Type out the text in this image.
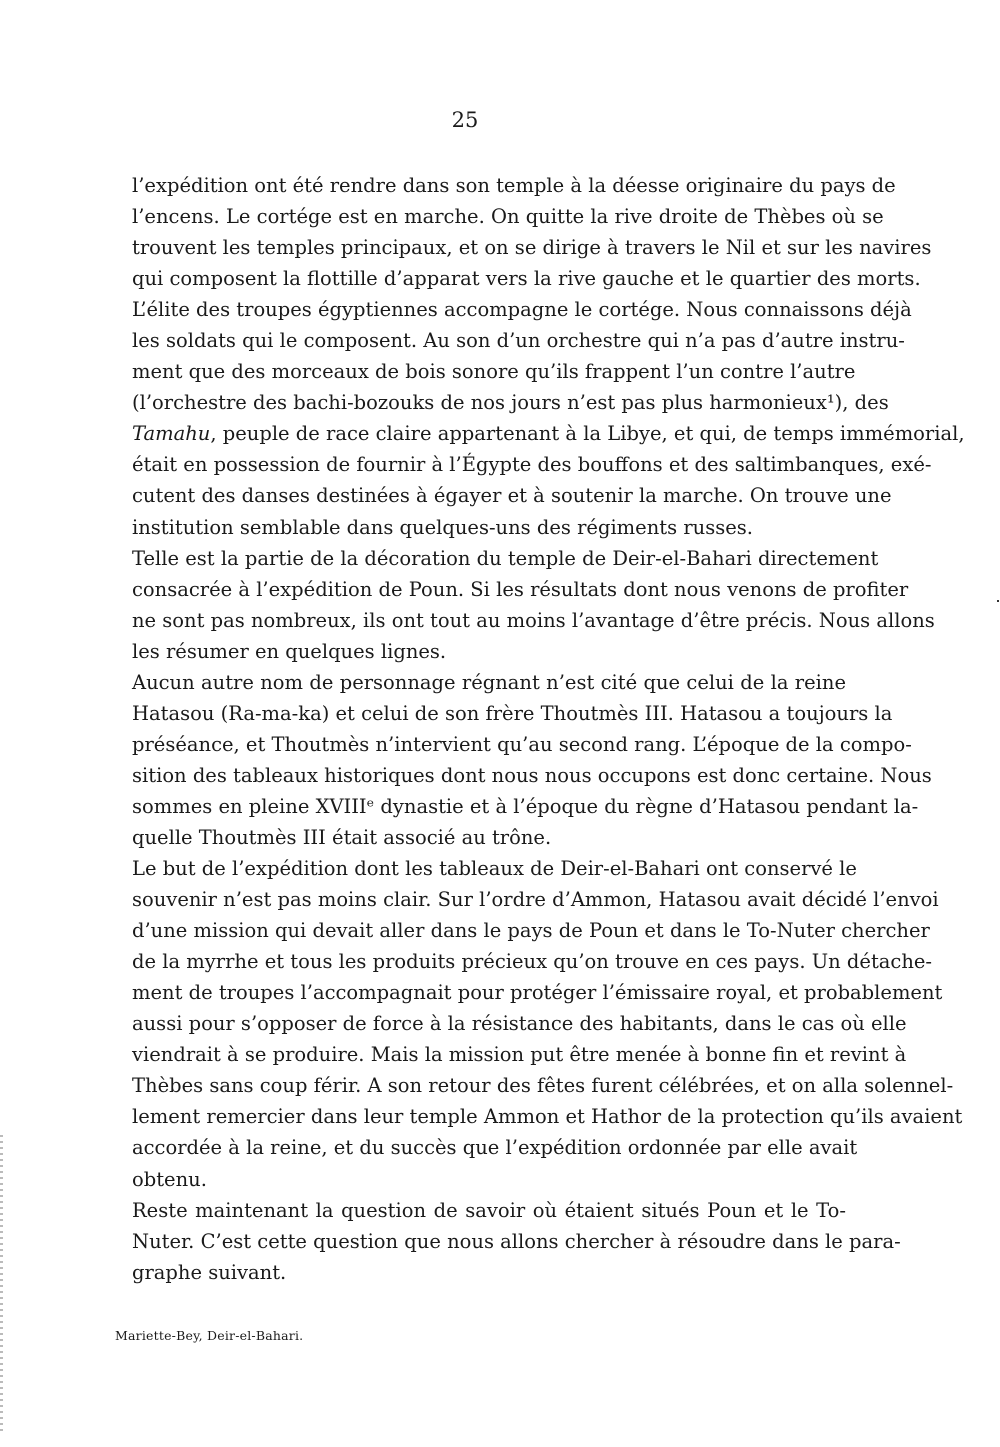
25
l’expédition ont été rendre dans son temple à la déesse originaire du pays de
l’encens. Le cortége est en marche. On quitte la rive droite de Thèbes où se
trouvent les temples principaux, et on se dirige à travers le Nil et sur les navires
qui composent la flottille d’apparat vers la rive gauche et le quartier des morts.
L’élite des troupes égyptiennes accompagne le cortége. Nous connaissons déjà
les soldats qui le composent. Au son d’un orchestre qui n’a pas d’autre instru-
ment que des morceaux de bois sonore qu’ils frappent l’un contre l’autre
(l’orchestre des bachi-bozouks de nos jours n’est pas plus harmonieux¹), des
Tamahu, peuple de race claire appartenant à la Libye, et qui, de temps immémorial,
était en possession de fournir à l’Égypte des bouffons et des saltimbanques, exé-
cutent des danses destinées à égayer et à soutenir la marche. On trouve une
institution semblable dans quelques-uns des régiments russes.
Telle est la partie de la décoration du temple de Deir-el-Bahari directement
consacrée à l’expédition de Poun. Si les résultats dont nous venons de profiter
ne sont pas nombreux, ils ont tout au moins l’avantage d’être précis. Nous allons
les résumer en quelques lignes.
Aucun autre nom de personnage régnant n’est cité que celui de la reine
Hatasou (Ra-ma-ka) et celui de son frère Thoutmès III. Hatasou a toujours la
préséance, et Thoutmès n’intervient qu’au second rang. L’époque de la compo-
sition des tableaux historiques dont nous nous occupons est donc certaine. Nous
sommes en pleine XVIIIᵉ dynastie et à l’époque du règne d’Hatasou pendant la-
quelle Thoutmès III était associé au trône.
Le but de l’expédition dont les tableaux de Deir-el-Bahari ont conservé le
souvenir n’est pas moins clair. Sur l’ordre d’Ammon, Hatasou avait décidé l’envoi
d’une mission qui devait aller dans le pays de Poun et dans le To-Nuter chercher
de la myrrhe et tous les produits précieux qu’on trouve en ces pays. Un détache-
ment de troupes l’accompagnait pour protéger l’émissaire royal, et probablement
aussi pour s’opposer de force à la résistance des habitants, dans le cas où elle
viendrait à se produire. Mais la mission put être menée à bonne fin et revint à
Thèbes sans coup férir. A son retour des fêtes furent célébrées, et on alla solennel-
lement remercier dans leur temple Ammon et Hathor de la protection qu’ils avaient
accordée à la reine, et du succès que l’expédition ordonnée par elle avait
obtenu.
Reste maintenant la question de savoir où étaient situés Poun et le To-
Nuter. C’est cette question que nous allons chercher à résoudre dans le para-
graphe suivant.
Mariette-Bey, Deir-el-Bahari.
